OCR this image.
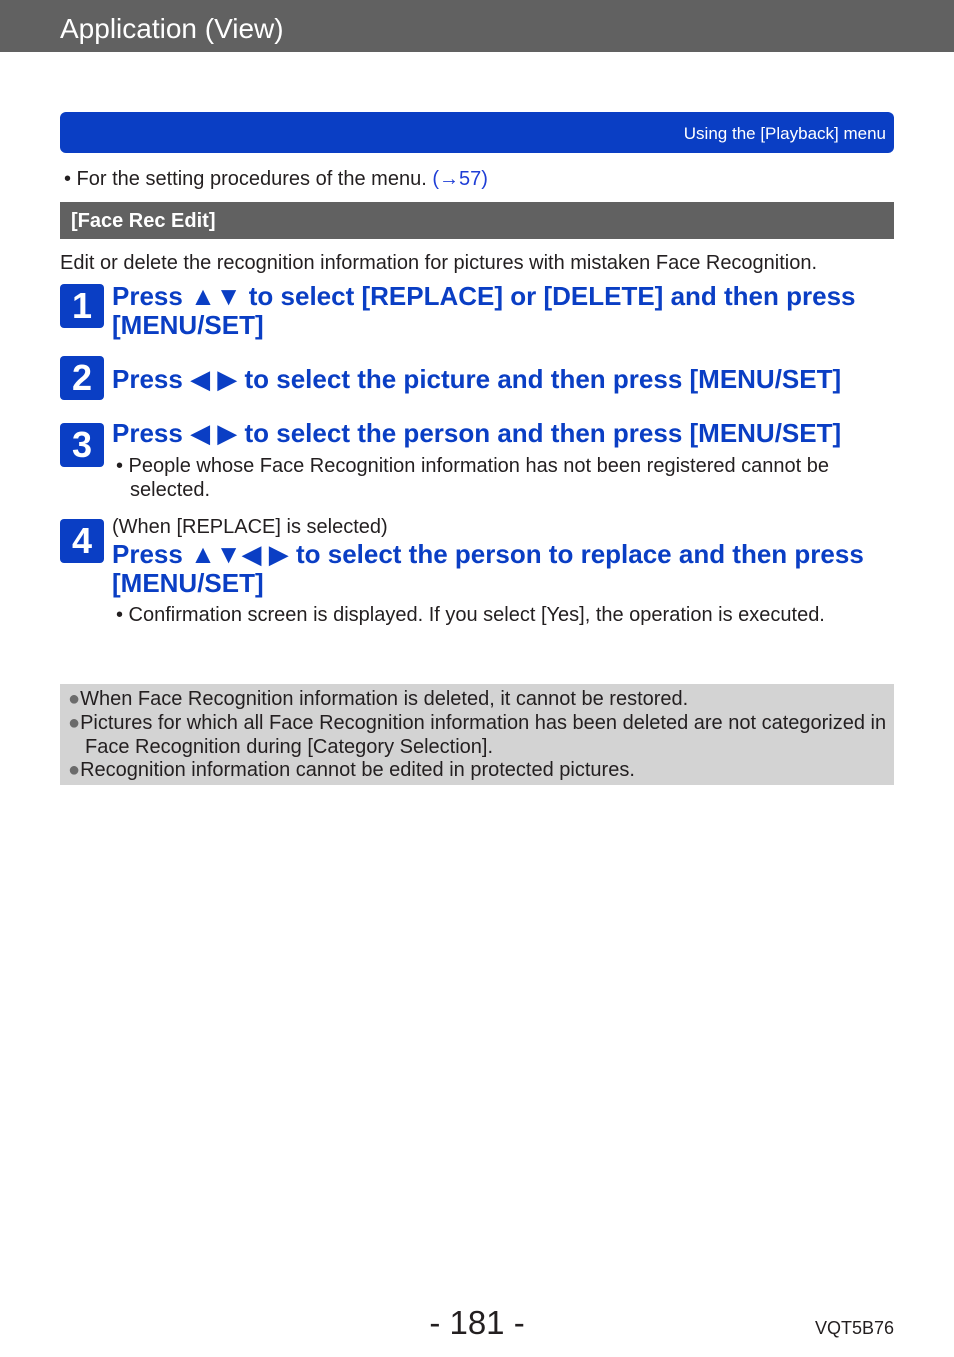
Application (View)
Using the [Playback] menu
• For the setting procedures of the menu. (→57)
[Face Rec Edit]
Edit or delete the recognition information for pictures with mistaken Face Recognition.
1 Press ▲▼ to select [REPLACE] or [DELETE] and then press [MENU/SET]
2 Press ◀ ▶ to select the picture and then press [MENU/SET]
3 Press ◀ ▶ to select the person and then press [MENU/SET]
• People whose Face Recognition information has not been registered cannot be selected.
4 (When [REPLACE] is selected)
Press ▲▼◀ ▶ to select the person to replace and then press [MENU/SET]
• Confirmation screen is displayed. If you select [Yes], the operation is executed.
●When Face Recognition information is deleted, it cannot be restored.
●Pictures for which all Face Recognition information has been deleted are not categorized in Face Recognition during [Category Selection].
●Recognition information cannot be edited in protected pictures.
- 181 -	VQT5B76
